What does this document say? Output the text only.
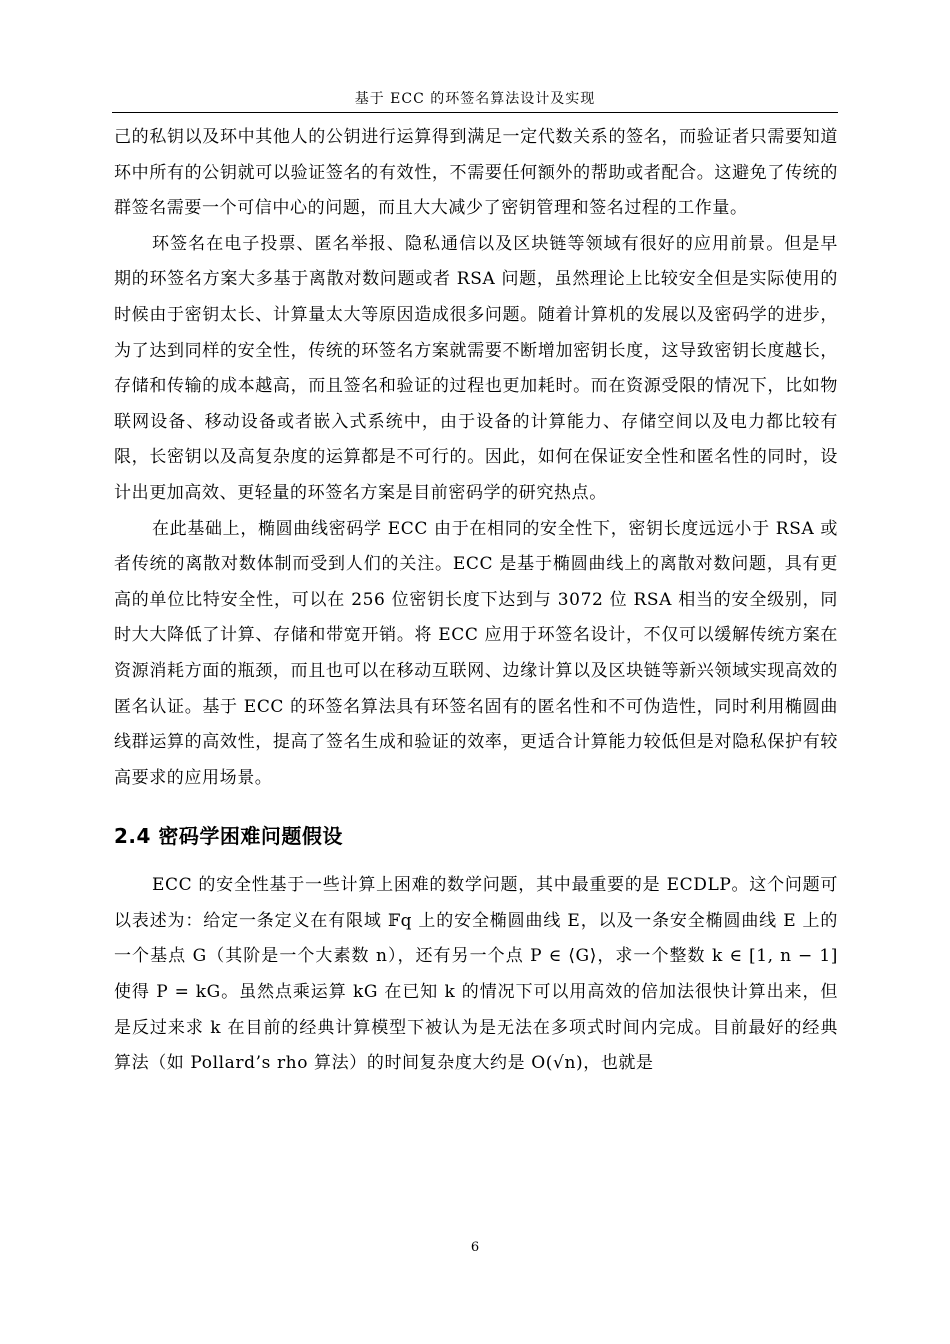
基于 ECC 的环签名算法设计及实现

己的私钥以及环中其他人的公钥进行运算得到满足一定代数关系的签名，而验证者只需要知道环中所有的公钥就可以验证签名的有效性，不需要任何额外的帮助或者配合。这避免了传统的群签名需要一个可信中心的问题，而且大大减少了密钥管理和签名过程的工作量。

环签名在电子投票、匿名举报、隐私通信以及区块链等领域有很好的应用前景。但是早期的环签名方案大多基于离散对数问题或者 RSA 问题，虽然理论上比较安全但是实际使用的时候由于密钥太长、计算量太大等原因造成很多问题。随着计算机的发展以及密码学的进步，为了达到同样的安全性，传统的环签名方案就需要不断增加密钥长度，这导致密钥长度越长，存储和传输的成本越高，而且签名和验证的过程也更加耗时。而在资源受限的情况下，比如物联网设备、移动设备或者嵌入式系统中，由于设备的计算能力、存储空间以及电力都比较有限，长密钥以及高复杂度的运算都是不可行的。因此，如何在保证安全性和匿名性的同时，设计出更加高效、更轻量的环签名方案是目前密码学的研究热点。

在此基础上，椭圆曲线密码学 ECC 由于在相同的安全性下，密钥长度远远小于 RSA 或者传统的离散对数体制而受到人们的关注。ECC 是基于椭圆曲线上的离散对数问题，具有更高的单位比特安全性，可以在 256 位密钥长度下达到与 3072 位 RSA 相当的安全级别，同时大大降低了计算、存储和带宽开销。将 ECC 应用于环签名设计，不仅可以缓解传统方案在资源消耗方面的瓶颈，而且也可以在移动互联网、边缘计算以及区块链等新兴领域实现高效的匿名认证。基于 ECC 的环签名算法具有环签名固有的匿名性和不可伪造性，同时利用椭圆曲线群运算的高效性，提高了签名生成和验证的效率，更适合计算能力较低但是对隐私保护有较高要求的应用场景。

2.4 密码学困难问题假设

ECC 的安全性基于一些计算上困难的数学问题，其中最重要的是 ECDLP。这个问题可以表述为：给定一条定义在有限域 𝔽q 上的安全椭圆曲线 E，以及一条安全椭圆曲线 E 上的一个基点 G（其阶是一个大素数 n），还有另一个点 P ∈ ⟨G⟩，求一个整数 k ∈ [1, n − 1] 使得 P = kG。虽然点乘运算 kG 在已知 k 的情况下可以用高效的倍加法很快计算出来，但是反过来求 k 在目前的经典计算模型下被认为是无法在多项式时间内完成。目前最好的经典算法（如 Pollard’s rho 算法）的时间复杂度大约是 O(√n)，也就是

6
